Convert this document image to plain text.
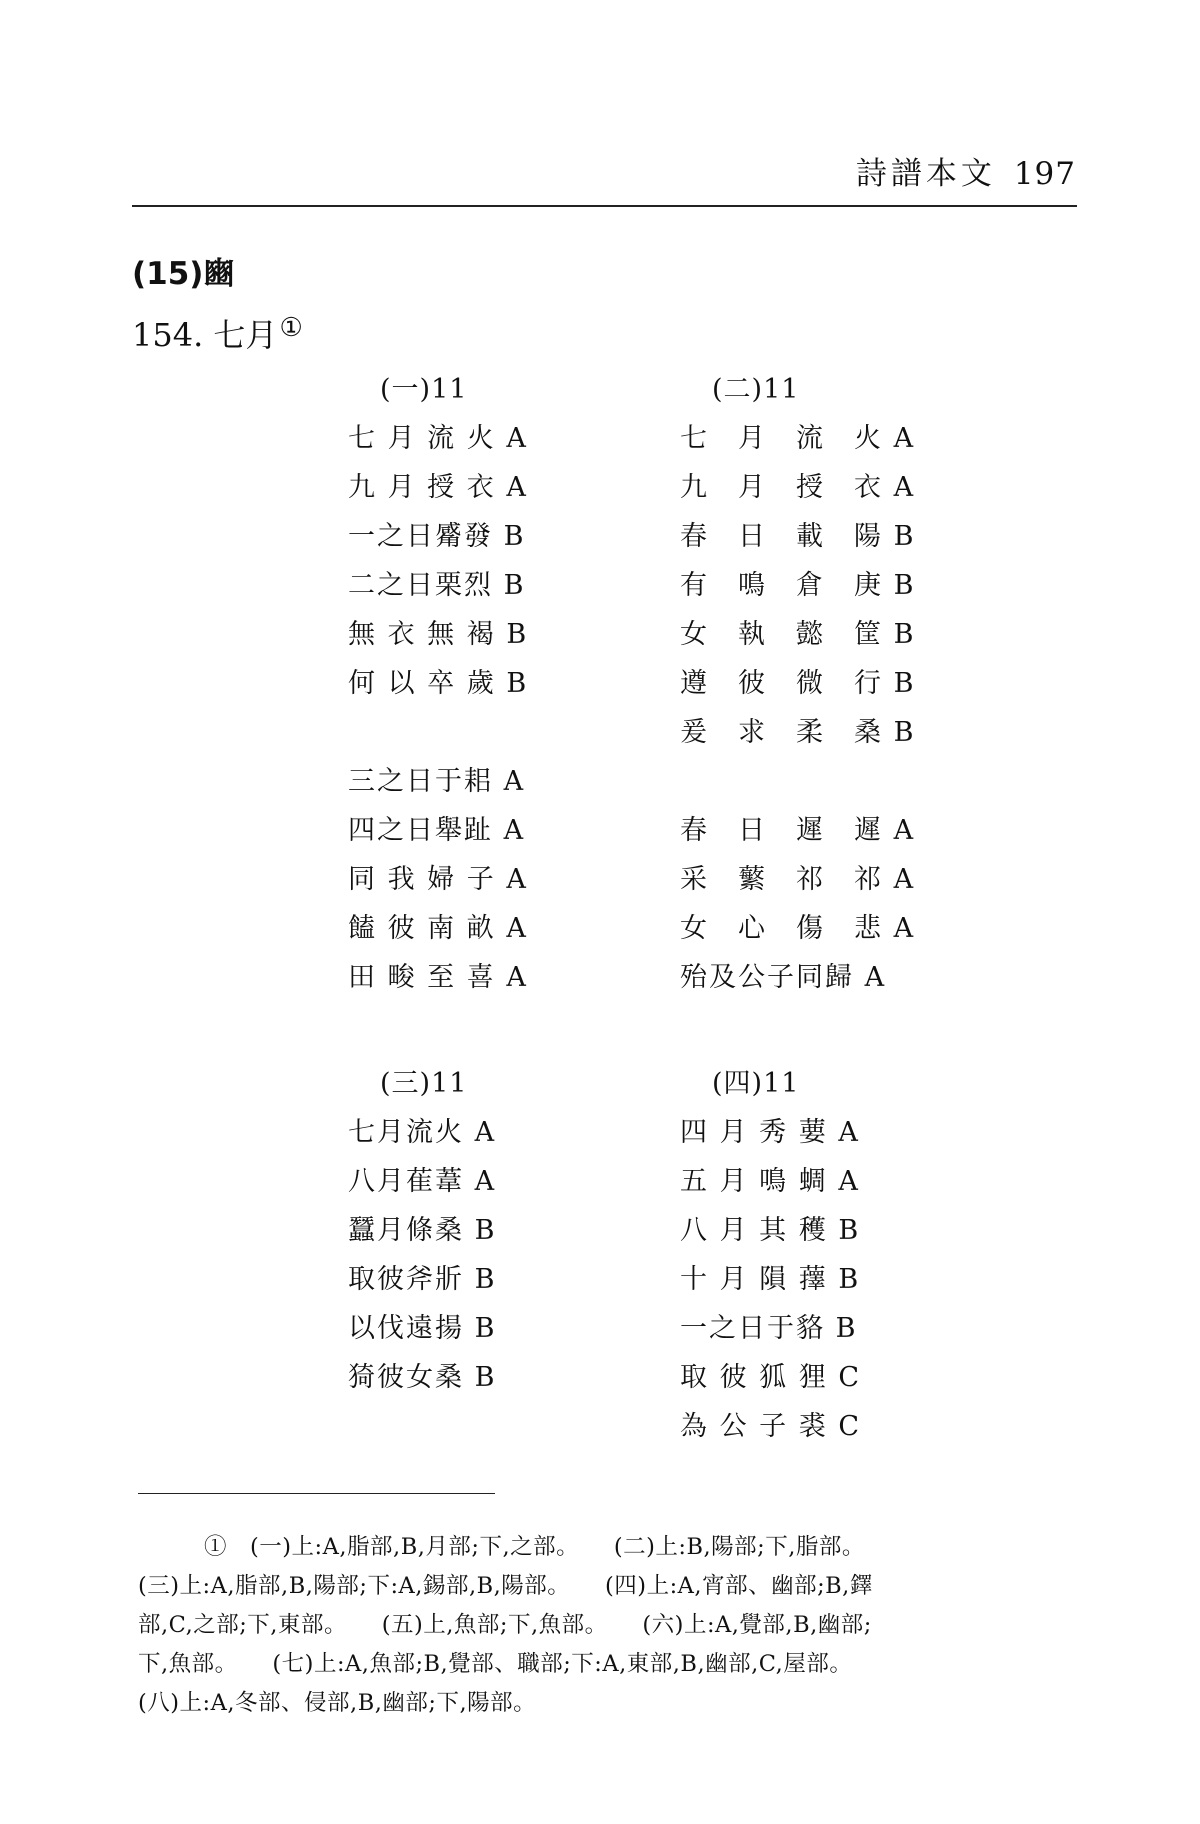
詩譜本文 197
(15)豳
154. 七月①
(一)11
七 月 流 火 A
九 月 授 衣 A
一之日觱發 B
二之日栗烈 B
無 衣 無 褐 B
何 以 卒 歲 B
三之日于耜 A
四之日舉趾 A
同 我 婦 子 A
饁 彼 南 畝 A
田 畯 至 喜 A
(二)11
七　月　流　火 A
九　月　授　衣 A
春　日　載　陽 B
有　鳴　倉　庚 B
女　執　懿　筐 B
遵　彼　微　行 B
爰　求　柔　桑 B
春　日　遲　遲 A
采　蘩　祁　祁 A
女　心　傷　悲 A
殆及公子同歸 A
(三)11
七月流火 A
八月萑葦 A
蠶月條桑 B
取彼斧斨 B
以伐遠揚 B
猗彼女桑 B
(四)11
四 月 秀 葽 A
五 月 鳴 蜩 A
八 月 其 穫 B
十 月 隕 蘀 B
一之日于貉 B
取 彼 狐 狸 C
為 公 子 裘 C
①　(一)上:A,脂部,B,月部;下,之部。　　(二)上:B,陽部;下,脂部。
(三)上:A,脂部,B,陽部;下:A,錫部,B,陽部。　　(四)上:A,宵部、幽部;B,鐸
部,C,之部;下,東部。　　(五)上,魚部;下,魚部。　　(六)上:A,覺部,B,幽部;
下,魚部。　　(七)上:A,魚部;B,覺部、職部;下:A,東部,B,幽部,C,屋部。
(八)上:A,冬部、侵部,B,幽部;下,陽部。
